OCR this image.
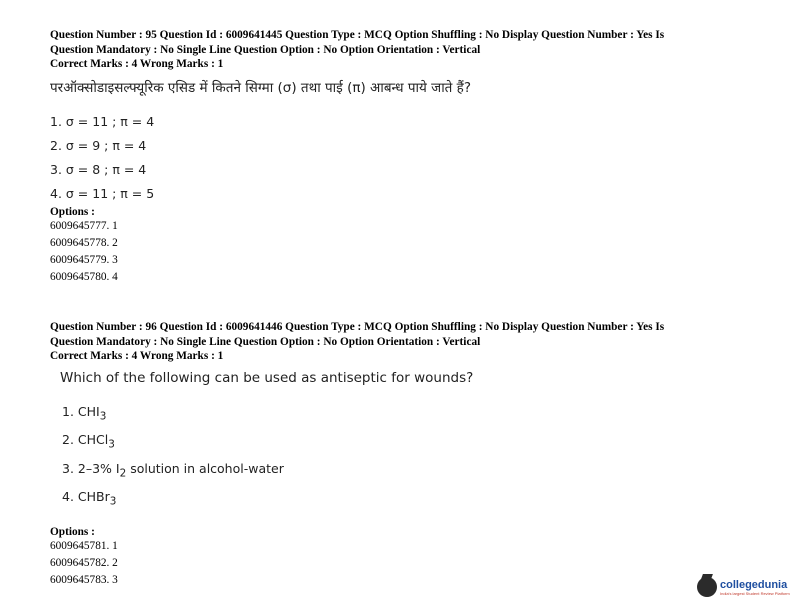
Question Number : 95 Question Id : 6009641445 Question Type : MCQ Option Shuffling : No Display Question Number : Yes Is
Question Mandatory : No Single Line Question Option : No Option Orientation : Vertical
Correct Marks : 4 Wrong Marks : 1
परऑक्सोडाइसल्फ्यूरिक एसिड में कितने सिग्मा (σ) तथा पाई (π) आबन्ध पाये जाते हैं?
1. σ = 11 ; π = 4
2. σ = 9 ; π = 4
3. σ = 8 ; π = 4
4. σ = 11 ; π = 5
Options :
6009645777. 1
6009645778. 2
6009645779. 3
6009645780. 4
Question Number : 96 Question Id : 6009641446 Question Type : MCQ Option Shuffling : No Display Question Number : Yes Is
Question Mandatory : No Single Line Question Option : No Option Orientation : Vertical
Correct Marks : 4 Wrong Marks : 1
Which of the following can be used as antiseptic for wounds?
1. $CHI_3$
2. CHCl$_3$
3. 2–3% $I_2$ solution in alcohol-water
4. CHBr$_3$
Options :
6009645781. 1
6009645782. 2
6009645783. 3	collegedunia
India's largest Student Review Platform
